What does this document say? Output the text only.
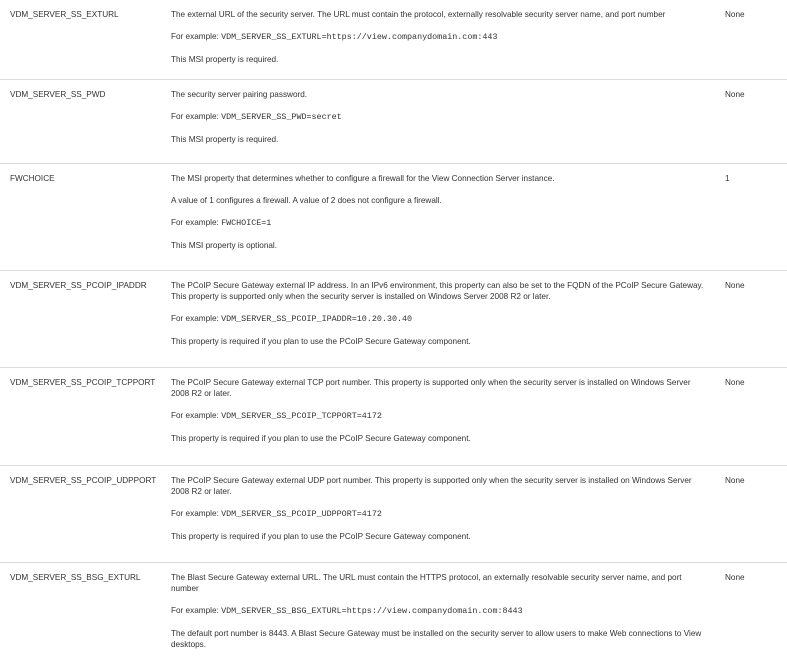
VDM_SERVER_SS_EXTURL	The external URL of the security server. The URL must contain the protocol, externally resolvable security server name, and port number

For example: VDM_SERVER_SS_EXTURL=https://view.companydomain.com:443

This MSI property is required.

None
VDM_SERVER_SS_PWD	The security server pairing password.

For example: VDM_SERVER_SS_PWD=secret

This MSI property is required.

None
FWCHOICE	The MSI property that determines whether to configure a firewall for the View Connection Server instance.

A value of 1 configures a firewall. A value of 2 does not configure a firewall.

For example: FWCHOICE=1

This MSI property is optional.

1
VDM_SERVER_SS_PCOIP_IPADDR	The PCoIP Secure Gateway external IP address. In an IPv6 environment, this property can also be set to the FQDN of the PCoIP Secure Gateway. This property is supported only when the security server is installed on Windows Server 2008 R2 or later.

For example: VDM_SERVER_SS_PCOIP_IPADDR=10.20.30.40

This property is required if you plan to use the PCoIP Secure Gateway component.

None
VDM_SERVER_SS_PCOIP_TCPPORT	The PCoIP Secure Gateway external TCP port number. This property is supported only when the security server is installed on Windows Server 2008 R2 or later.

For example: VDM_SERVER_SS_PCOIP_TCPPORT=4172

This property is required if you plan to use the PCoIP Secure Gateway component.

None
VDM_SERVER_SS_PCOIP_UDPPORT	The PCoIP Secure Gateway external UDP port number. This property is supported only when the security server is installed on Windows Server 2008 R2 or later.

For example: VDM_SERVER_SS_PCOIP_UDPPORT=4172

This property is required if you plan to use the PCoIP Secure Gateway component.

None
VDM_SERVER_SS_BSG_EXTURL	The Blast Secure Gateway external URL. The URL must contain the HTTPS protocol, an externally resolvable security server name, and port number

For example: VDM_SERVER_SS_BSG_EXTURL=https://view.companydomain.com:8443

The default port number is 8443. A Blast Secure Gateway must be installed on the security server to allow users to make Web connections to View desktops.

None
